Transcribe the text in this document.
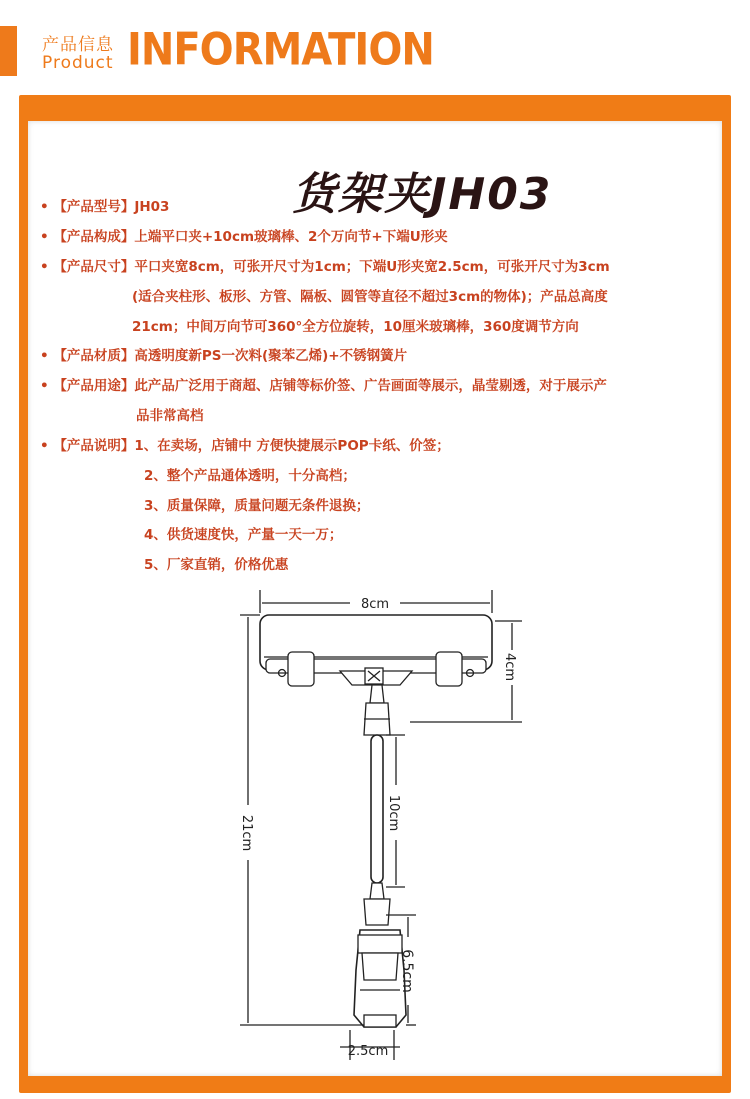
产品信息
Product INFORMATION
货架夹JH03
• 【产品型号】JH03
• 【产品构成】上端平口夹+10cm玻璃棒、2个万向节+下端U形夹
• 【产品尺寸】平口夹宽8cm，可张开尺寸为1cm；下端U形夹宽2.5cm，可张开尺寸为3cm
(适合夹柱形、板形、方管、隔板、圆管等直径不超过3cm的物体)；产品总高度
21cm；中间万向节可360°全方位旋转，10厘米玻璃棒，360度调节方向
• 【产品材质】高透明度新PS一次料(聚苯乙烯)+不锈钢簧片
• 【产品用途】此产品广泛用于商超、店铺等标价签、广告画面等展示，晶莹剔透，对于展示产
品非常高档
• 【产品说明】1、在卖场，店铺中 方便快捷展示POP卡纸、价签；
2、整个产品通体透明，十分高档；
3、质量保障，质量问题无条件退换；
4、供货速度快，产量一天一万；
5、厂家直销，价格优惠
8cm
4cm
10cm
21cm
6.5cm
2.5cm
